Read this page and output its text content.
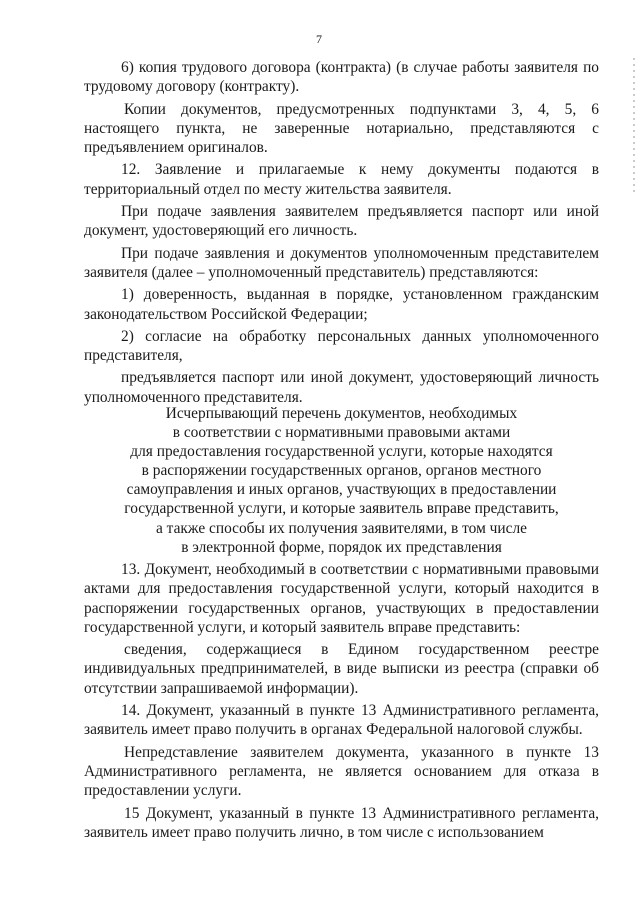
7

6) копия трудового договора (контракта) (в случае работы заявителя по трудовому договору (контракту).

Копии документов, предусмотренных подпунктами 3, 4, 5, 6 настоящего пункта, не заверенные нотариально, представляются с предъявлением оригиналов.

12. Заявление и прилагаемые к нему документы подаются в территориальный отдел по месту жительства заявителя.

При подаче заявления заявителем предъявляется паспорт или иной документ, удостоверяющий его личность.

При подаче заявления и документов уполномоченным представителем заявителя (далее – уполномоченный представитель) представляются:

1) доверенность, выданная в порядке, установленном гражданским законодательством Российской Федерации;

2) согласие на обработку персональных данных уполномоченного представителя,

предъявляется паспорт или иной документ, удостоверяющий личность уполномоченного представителя.

Исчерпывающий перечень документов, необходимых
в соответствии с нормативными правовыми актами
для предоставления государственной услуги, которые находятся
в распоряжении государственных органов, органов местного
самоуправления и иных органов, участвующих в предоставлении
государственной услуги, и которые заявитель вправе представить,
а также способы их получения заявителями, в том числе
в электронной форме, порядок их представления

13. Документ, необходимый в соответствии с нормативными правовыми актами для предоставления государственной услуги, который находится в распоряжении государственных органов, участвующих в предоставлении государственной услуги, и который заявитель вправе представить:

сведения, содержащиеся в Едином государственном реестре индивидуальных предпринимателей, в виде выписки из реестра (справки об отсутствии запрашиваемой информации).

14. Документ, указанный в пункте 13 Административного регламента, заявитель имеет право получить в органах Федеральной налоговой службы.

Непредставление заявителем документа, указанного в пункте 13 Административного регламента, не является основанием для отказа в предоставлении услуги.

15 Документ, указанный в пункте 13 Административного регламента, заявитель имеет право получить лично, в том числе с использованием
